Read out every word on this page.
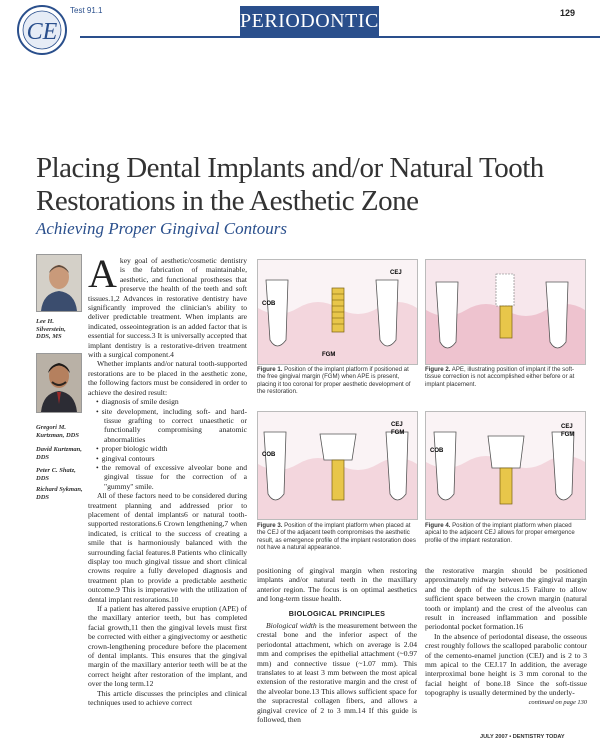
CE
Test 91.1	PERIODONTICS	129
Placing Dental Implants and/or Natural Tooth Restorations in the Aesthetic Zone
Achieving Proper Gingival Contours
Lee H. Silverstein, DDS, MS
Gregori M. Kurtzman, DDS
David Kurtzman, DDS
Peter C. Shatz, DDS
Richard Sykman, DDS

Akey goal of aesthetic/cosmetic dentistry is the fabrication of maintainable, aesthetic, and functional prostheses that preserve the health of the teeth and soft tissues.1,2 Advances in restorative dentistry have significantly improved the clinician's ability to deliver predictable treatment. When implants are indicated, osseointegration is an added factor that is essential for success.3 It is universally accepted that implant dentistry is a restorative-driven treatment with a surgical component.4

Whether implants and/or natural tooth-supported restorations are to be placed in the aesthetic zone, the following factors must be considered in order to achieve the desired result:

• diagnosis of smile design
• site development, including soft- and hard-tissue grafting to correct unaesthetic or functionally compromising anatomic abnormalities
• proper biologic width
• gingival contours
• the removal of excessive alveolar bone and gingival tissue for the correction of a "gummy" smile.

All of these factors need to be considered during treatment planning and addressed prior to placement of dental implants6 or natural tooth-supported restorations.6 Crown lengthening,7 when indicated, is critical to the success of creating a smile that is harmoniously balanced with the surrounding facial features.8 Patients who clinically display too much gingival tissue and short clinical crowns require a fully developed diagnosis and treatment plan to provide a predictable aesthetic outcome.9 This is imperative with the utilization of dental implant restorations.10

If a patient has altered passive eruption (APE) of the maxillary anterior teeth, but has completed facial growth,11 then the gingival levels must first be corrected with either a gingivectomy or aesthetic crown-lengthening procedure before the placement of dental implants. This ensures that the gingival margin of the maxillary anterior teeth will be at the correct height after restoration of the implant, and over the long term.12

This article discusses the principles and clinical techniques used to achieve correct

COB
CEJ
FGM
Figure 1. Position of the implant platform if positioned at the free gingival margin (FGM) when APE is present, placing it too coronal for proper aesthetic development of the restoration.
Figure 2. APE, illustrating position of implant if the soft-tissue correction is not accomplished either before or at implant placement.
COB
CEJ
FGM
Figure 3. Position of the implant platform when placed at the CEJ of the adjacent teeth compromises the aesthetic result, as emergence profile of the implant restoration does not have a natural appearance.
COB
CEJ
FGM
Figure 4. Position of the implant platform when placed apical to the adjacent CEJ allows for proper emergence profile of the implant restoration.

positioning of gingival margin when restoring implants and/or natural teeth in the maxillary anterior region. The focus is on optimal aesthetics and long-term tissue health.

BIOLOGICAL PRINCIPLES

Biological width is the measurement between the crestal bone and the inferior aspect of the periodontal attachment, which on average is 2.04 mm and comprises the epithelial attachment (~0.97 mm) and connective tissue (~1.07 mm). This translates to at least 3 mm between the most apical extension of the restorative margin and the crest of the alveolar bone.13 This allows sufficient space for the supracrestal collagen fibers, and allows a gingival crevice of 2 to 3 mm.14 If this guide is followed, then

the restorative margin should be positioned approximately midway between the gingival margin and the depth of the sulcus.15 Failure to allow sufficient space between the crown margin (natural tooth or implant) and the crest of the alveolus can result in increased inflammation and possible periodontal pocket formation.16

In the absence of periodontal disease, the osseous crest roughly follows the scalloped parabolic contour of the cemento-enamel junction (CEJ) and is 2 to 3 mm apical to the CEJ.17 In addition, the average interproximal bone height is 3 mm coronal to the facial height of bone.18 Since the soft-tissue topography is usually determined by the underly-

continued on page 130
JULY 2007 • DENTISTRY TODAY
